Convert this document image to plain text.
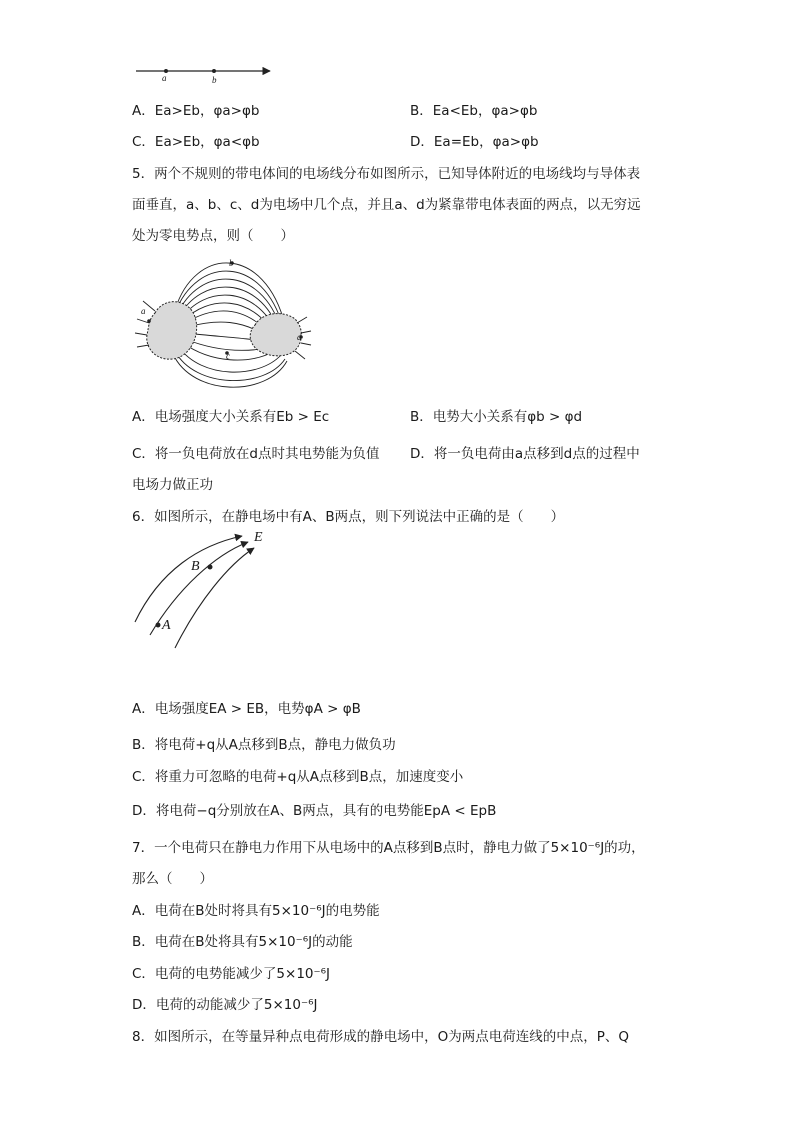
a	b
A．Ea>Eb，φa>φb	B．Ea<Eb，φa>φb
C．Ea>Eb，φa<φb	D．Ea=Eb，φa>φb
5．两个不规则的带电体间的电场线分布如图所示，已知导体附近的电场线均与导体表
面垂直，a、b、c、d为电场中几个点，并且a、d为紧靠带电体表面的两点，以无穷远
处为零电势点，则（　　）
a
b
c
d
A．电场强度大小关系有Eb > Ec	B．电势大小关系有φb > φd
C．将一负电荷放在d点时其电势能为负值 D．将一负电荷由a点移到d点的过程中
电场力做正功
6．如图所示，在静电场中有A、B两点，则下列说法中正确的是（　　）
E
B
A
A．电场强度EA > EB，电势φA > φB
B．将电荷+q从A点移到B点，静电力做负功
C．将重力可忽略的电荷+q从A点移到B点，加速度变小
D．将电荷−q分别放在A、B两点，具有的电势能EpA < EpB
7．一个电荷只在静电力作用下从电场中的A点移到B点时，静电力做了5×10⁻⁶J的功，
那么（　　）
A．电荷在B处时将具有5×10⁻⁶J的电势能
B．电荷在B处将具有5×10⁻⁶J的动能
C．电荷的电势能减少了5×10⁻⁶J
D．电荷的动能减少了5×10⁻⁶J
8．如图所示，在等量异种点电荷形成的静电场中，O为两点电荷连线的中点，P、Q
